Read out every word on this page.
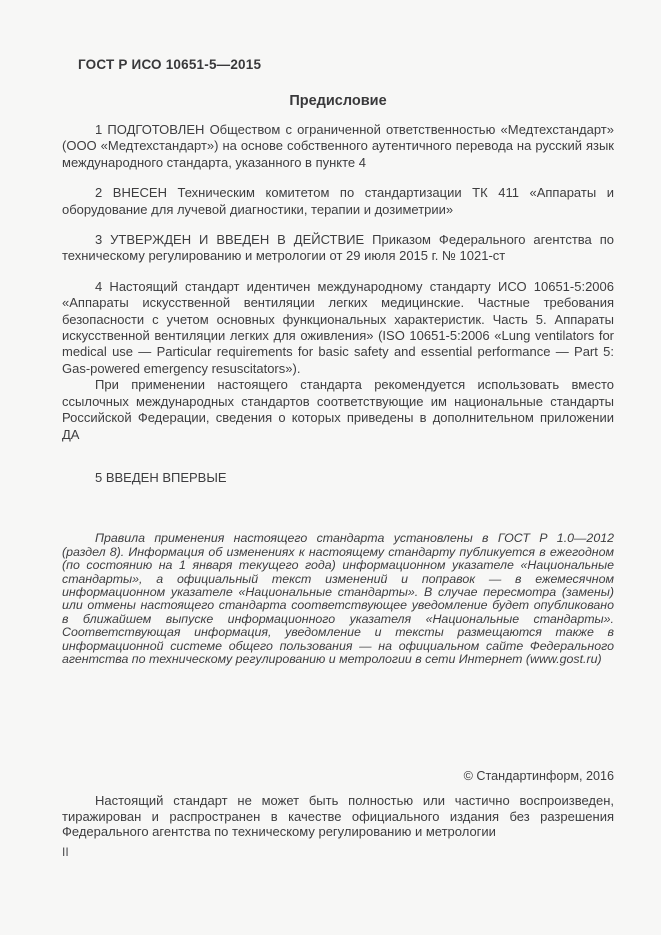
ГОСТ Р ИСО 10651-5—2015
Предисловие

1 ПОДГОТОВЛЕН Обществом с ограниченной ответственностью «Медтехстандарт» (ООО «Медтехстандарт») на основе собственного аутентичного перевода на русский язык международного стандарта, указанного в пункте 4

2 ВНЕСЕН Техническим комитетом по стандартизации ТК 411 «Аппараты и оборудование для лучевой диагностики, терапии и дозиметрии»

3 УТВЕРЖДЕН И ВВЕДЕН В ДЕЙСТВИЕ Приказом Федерального агентства по техническому регулированию и метрологии от 29 июля 2015 г. № 1021-ст

4 Настоящий стандарт идентичен международному стандарту ИСО 10651-5:2006 «Аппараты искусственной вентиляции легких медицинские. Частные требования безопасности с учетом основных функциональных характеристик. Часть 5. Аппараты искусственной вентиляции легких для оживления» (ISO 10651-5:2006 «Lung ventilators for medical use — Particular requirements for basic safety and essential performance — Part 5: Gas-powered emergency resuscitators»).

При применении настоящего стандарта рекомендуется использовать вместо ссылочных международных стандартов соответствующие им национальные стандарты Российской Федерации, сведения о которых приведены в дополнительном приложении ДА

5 ВВЕДЕН ВПЕРВЫЕ

Правила применения настоящего стандарта установлены в ГОСТ Р 1.0—2012 (раздел 8). Информация об изменениях к настоящему стандарту публикуется в ежегодном (по состоянию на 1 января текущего года) информационном указателе «Национальные стандарты», а официальный текст изменений и поправок — в ежемесячном информационном указателе «Национальные стандарты». В случае пересмотра (замены) или отмены настоящего стандарта соответствующее уведомление будет опубликовано в ближайшем выпуске информационного указателя «Национальные стандарты». Соответствующая информация, уведомление и тексты размещаются также в информационной системе общего пользования — на официальном сайте Федерального агентства по техническому регулированию и метрологии в сети Интернет (www.gost.ru)

© Стандартинформ, 2016

Настоящий стандарт не может быть полностью или частично воспроизведен, тиражирован и распространен в качестве официального издания без разрешения Федерального агентства по техническому регулированию и метрологии

II
